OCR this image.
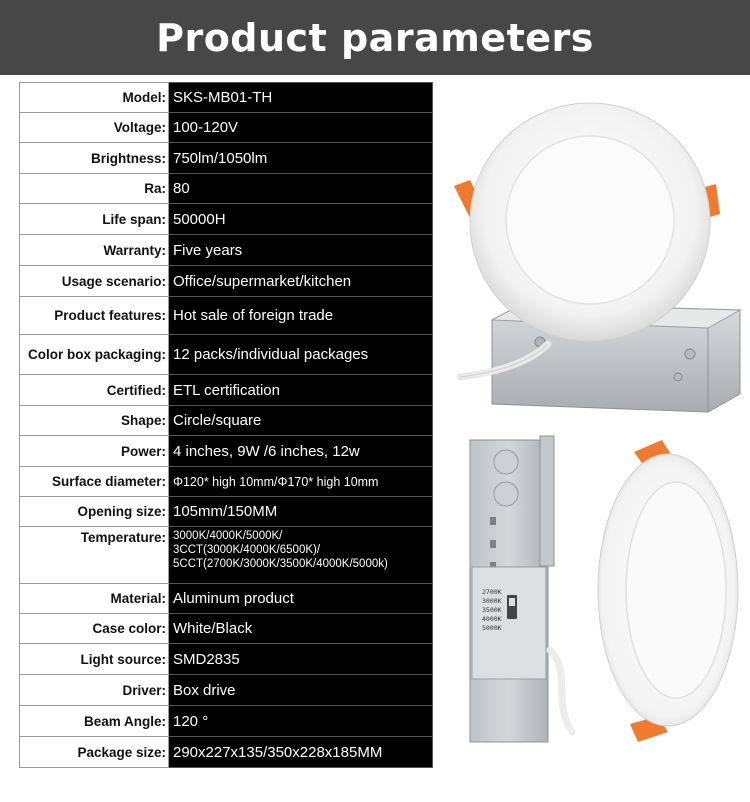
Product parameters
Model:	SKS-MB01-TH
Voltage:	100-120V
Brightness:	750lm/1050lm
Ra:	80
Life span:	50000H
Warranty:	Five years
Usage scenario:	Office/supermarket/kitchen
Product features:	Hot sale of foreign trade
Color box packaging:	12 packs/individual packages
Certified:	ETL certification
Shape:	Circle/square
Power:	4 inches, 9W /6 inches, 12w
Surface diameter:	Φ120* high 10mm/Φ170* high 10mm
Opening size:	105mm/150MM
Temperature:	3000K/4000K/5000K/
3CCT(3000K/4000K/6500K)/
5CCT(2700K/3000K/3500K/4000K/5000k)
Material:	Aluminum product
Case color:	White/Black
Light source:	SMD2835
Driver:	Box drive
Beam Angle:	120 °
Package size:	290x227x135/350x228x185MM
2700K
3000K
3500K
4000K
5000K
